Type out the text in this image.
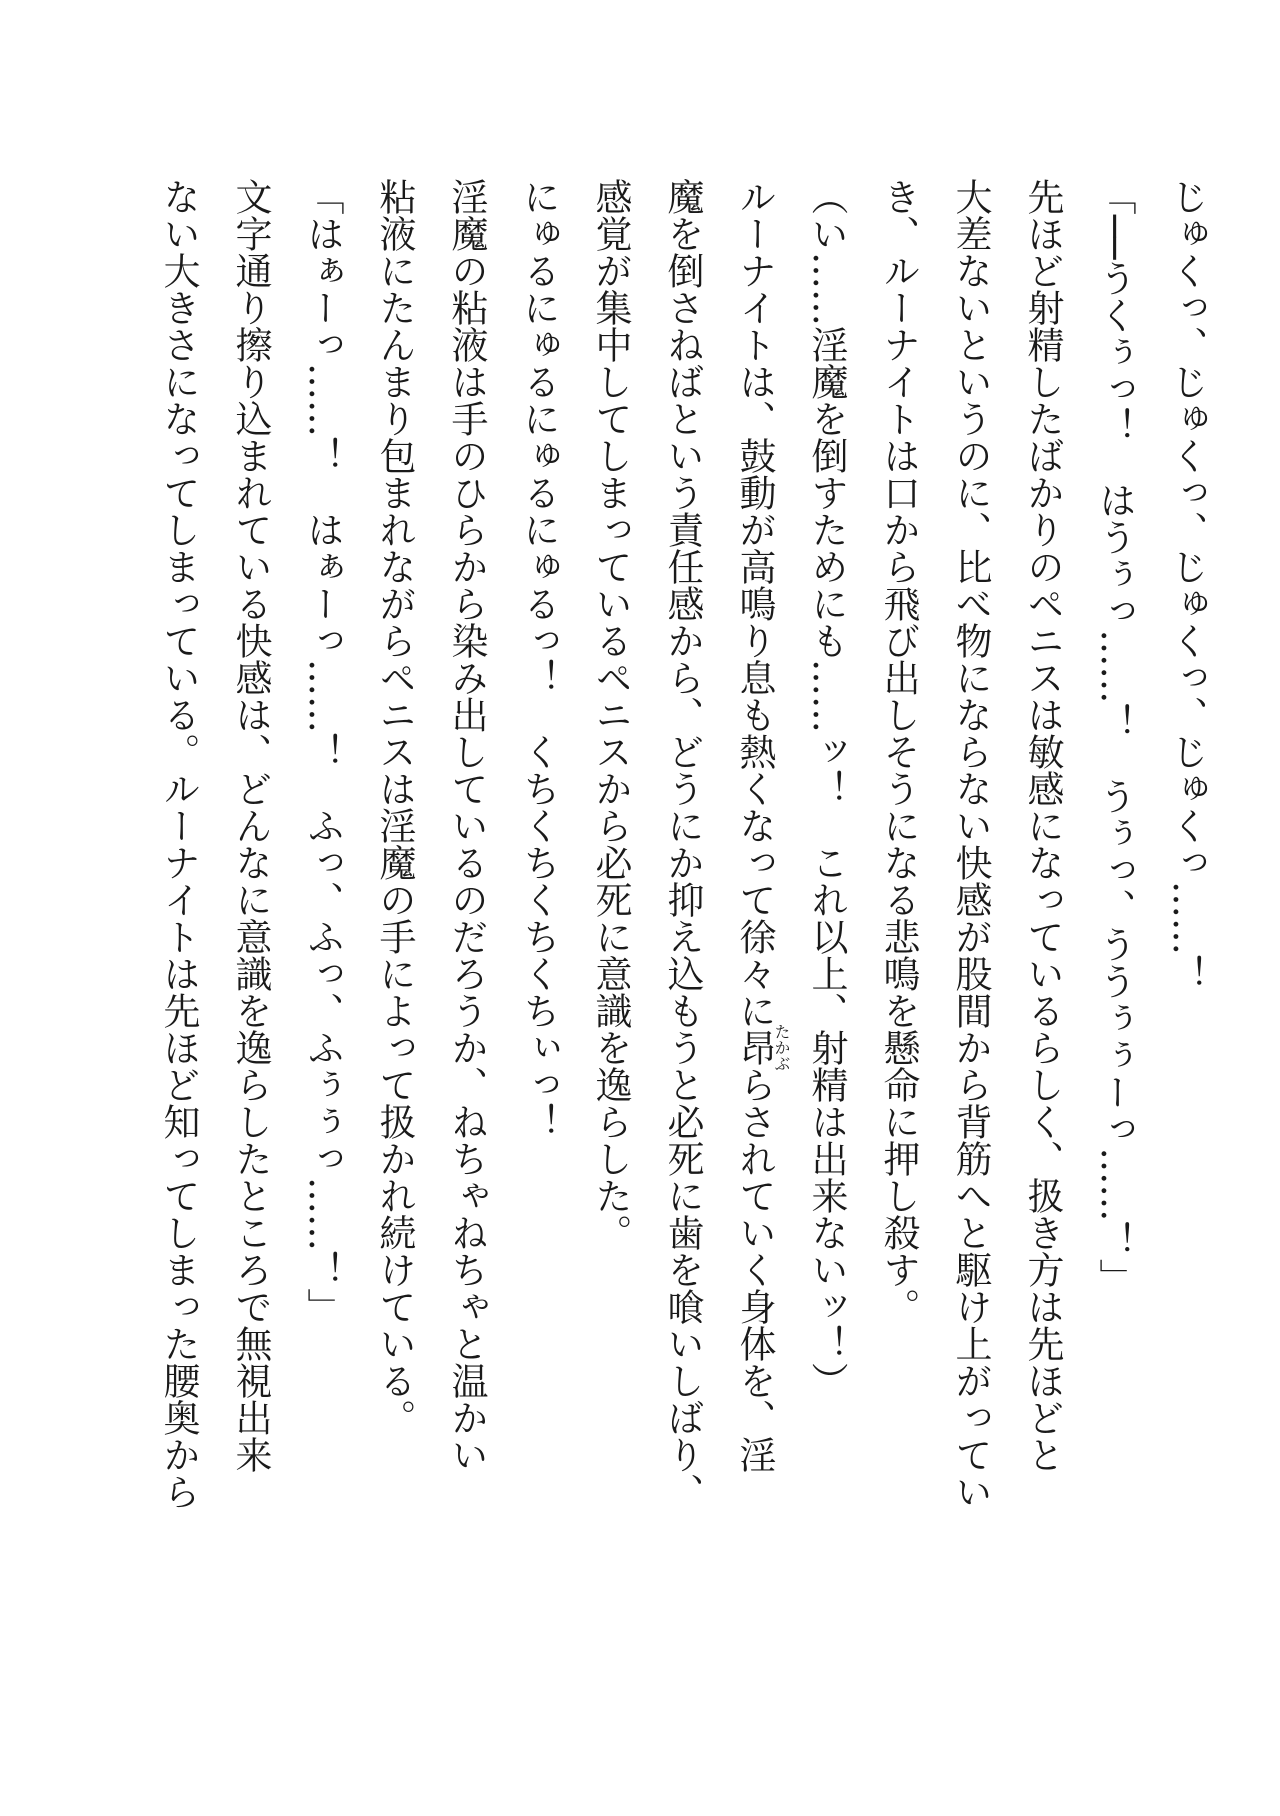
じゅくっ、じゅくっ、じゅくっ、じゅくっ……！
「──うくぅっ！　はうぅっ……！　うぅっ、ううぅぅーっ……！」
先ほど射精したばかりのペニスは敏感になっているらしく、扱き方は先ほどと
大差ないというのに、比べ物にならない快感が股間から背筋へと駆け上がってい
き、ルーナイトは口から飛び出しそうになる悲鳴を懸命に押し殺す。
（い……淫魔を倒すためにも……ッ！　これ以上、射精は出来ないッ！）
ルーナイトは、鼓動が高鳴り息も熱くなって徐々に昂たかぶらされていく身体を、淫
魔を倒さねばという責任感から、どうにか抑え込もうと必死に歯を喰いしばり、
感覚が集中してしまっているペニスから必死に意識を逸らした。
にゅるにゅるにゅるにゅるっ！　くちくちくちくちぃっ！
淫魔の粘液は手のひらから染み出しているのだろうか、ねちゃねちゃと温かい
粘液にたんまり包まれながらペニスは淫魔の手によって扱かれ続けている。
「はぁーっ……！　はぁーっ……！　ふっ、ふっ、ふぅぅっ……！」
文字通り擦り込まれている快感は、どんなに意識を逸らしたところで無視出来
ない大きさになってしまっている。ルーナイトは先ほど知ってしまった腰奥から
